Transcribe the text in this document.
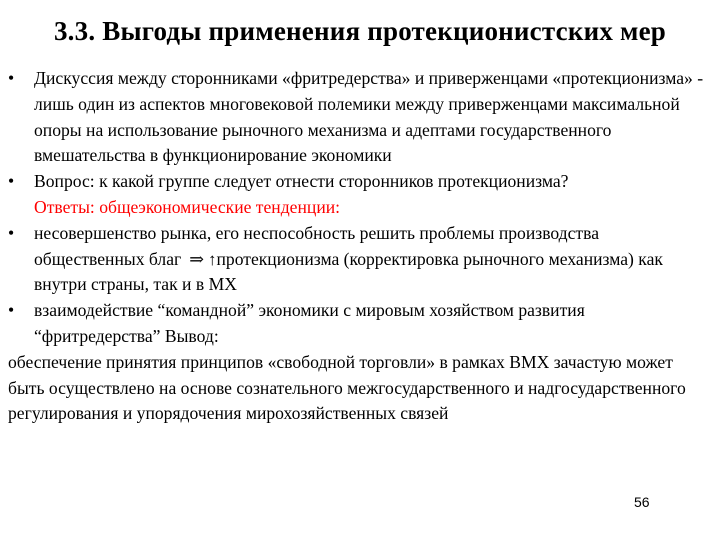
3.3. Выгоды применения протекционистских мер
•	Дискуссия между сторонниками «фритредерства» и приверженцами «протекционизма» - лишь один из аспектов многовековой полемики между приверженцами максимальной опоры на использование рыночного механизма и адептами государственного вмешательства в функционирование экономики
•	Вопрос: к какой группе следует отнести сторонников протекционизма?
Ответы: общеэкономические тенденции:
•	несовершенство рынка, его неспособность решить проблемы производства общественных благ ⇒ ↑протекционизма (корректировка рыночного механизма) как внутри страны, так и в МХ
•	взаимодействие “командной” экономики с мировым хозяйством развития “фритредерства” Вывод:

обеспечение принятия принципов «свободной торговли» в рамках ВМХ зачастую может быть осуществлено на основе сознательного межгосударственного и надгосударственного регулирования и упорядочения мирохозяйственных связей

56
